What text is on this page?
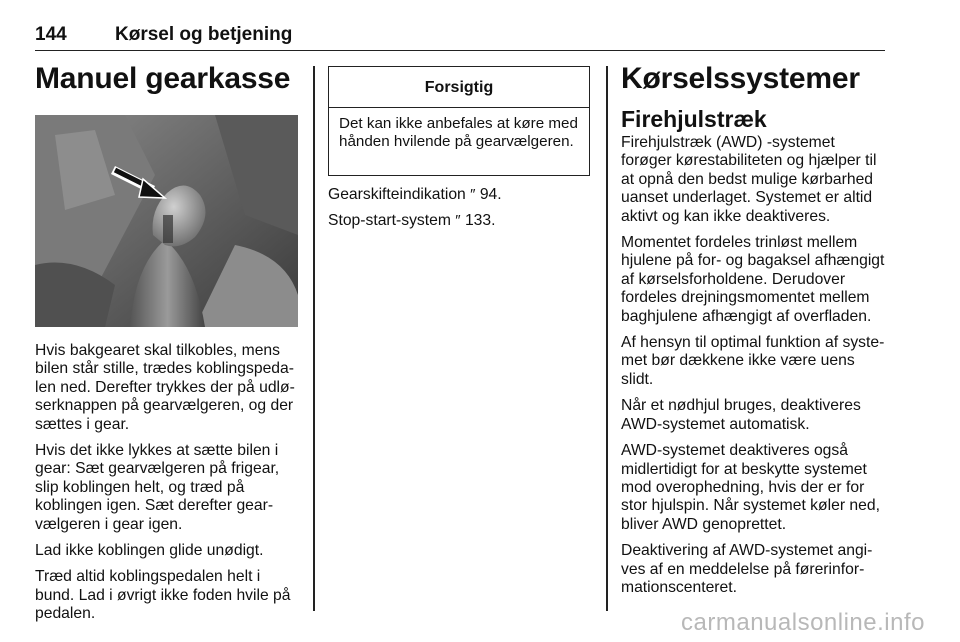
144	Kørsel og betjening
Manuel gearkasse

Hvis bakgearet skal tilkobles, mens bilen står stille, trædes koblingspedalen ned. Derefter trykkes der på udløserknappen på gearvælgeren, og der sættes i gear.

Hvis det ikke lykkes at sætte bilen i gear: Sæt gearvælgeren på frigear, slip koblingen helt, og træd på koblingen igen. Sæt derefter gearvælgeren i gear igen.

Lad ikke koblingen glide unødigt.

Træd altid koblingspedalen helt i bund. Lad i øvrigt ikke foden hvile på pedalen.

Forsigtig
Det kan ikke anbefales at køre med hånden hvilende på gearvælgeren.

Gearskifteindikation ″ 94.

Stop-start-system ″ 133.

Kørselssystemer
Firehjulstræk

Firehjulstræk (AWD) -systemet forøger kørestabiliteten og hjælper til at opnå den bedst mulige kørbarhed uanset underlaget. Systemet er altid aktivt og kan ikke deaktiveres.

Momentet fordeles trinløst mellem hjulene på for- og bagaksel afhængigt af kørselsforholdene. Derudover fordeles drejningsmomentet mellem baghjulene afhængigt af overfladen.

Af hensyn til optimal funktion af systemet bør dækkene ikke være uens slidt.

Når et nødhjul bruges, deaktiveres AWD-systemet automatisk.

AWD-systemet deaktiveres også midlertidigt for at beskytte systemet mod overophedning, hvis der er for stor hjulspin. Når systemet køler ned, bliver AWD genoprettet.

Deaktivering af AWD-systemet angives af en meddelelse på førerinformationscenteret.

carmanualsonline.info
